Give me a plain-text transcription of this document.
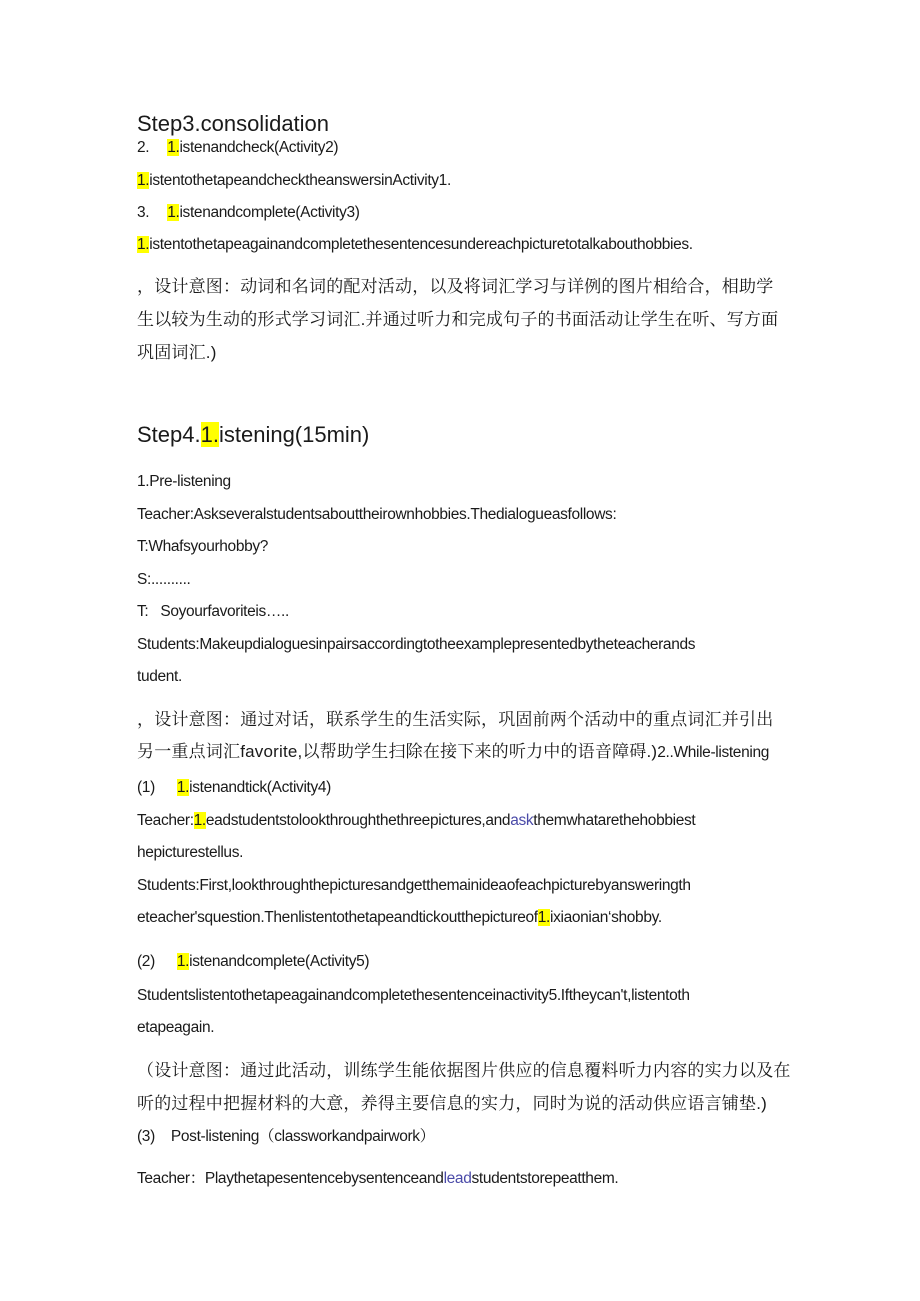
Step3.consolidation
2. 1.istenandcheck(Activity2)
1.istentothetapeandchecktheanswersinActivity1.
3. 1.istenandcomplete(Activity3)
1.istentothetapeagainandcompletethesentencesundereachpicturetotalkabouthobbies.
，设计意图：动词和名词的配对活动，以及将词汇学习与详例的图片相给合，相助学
生以较为生动的形式学习词汇.并通过听力和完成句子的书面活动让学生在听、写方面
巩固词汇.)
Step4.1.istening(15min)
1.Pre-listening
Teacher:Askseveralstudentsabouttheirownhobbies.Thedialogueasfollows:
T:Whafsyourhobby?
S:..........
T: Soyourfavoriteis…..
Students:Makeupdialoguesinpairsaccordingtotheexamplepresentedbytheteacherands
tudent.
，设计意图：通过对话，联系学生的生活实际，巩固前两个活动中的重点词汇并引出
另一重点词汇favorite,以帮助学生扫除在接下来的听力中的语音障碍.)2..While-listening
(1) 1.istenandtick(Activity4)
Teacher:1.eadstudentstolookthroughthethreepictures,andaskthemwhatarethehobbiest
hepicturestellus.
Students:First,lookthroughthepicturesandgetthemainideaofeachpicturebyansweringth
eteacher'squestion.Thenlistentothetapeandtickoutthepictureof1.ixiaonian‘shobby.
(2) 1.istenandcomplete(Activity5)
Studentslistentothetapeagainandcompletethesentenceinactivity5.Iftheycan't,listentoth
etapeagain.
（设计意图：通过此活动，训练学生能依据图片供应的信息覆料听力内容的实力以及在
听的过程中把握材料的大意，养得主要信息的实力，同时为说的活动供应语言铺垫.)
(3) Post-listening（classworkandpairwork）
Teacher：Playthetapesentencebysentenceandleadstudentstorepeatthem.
